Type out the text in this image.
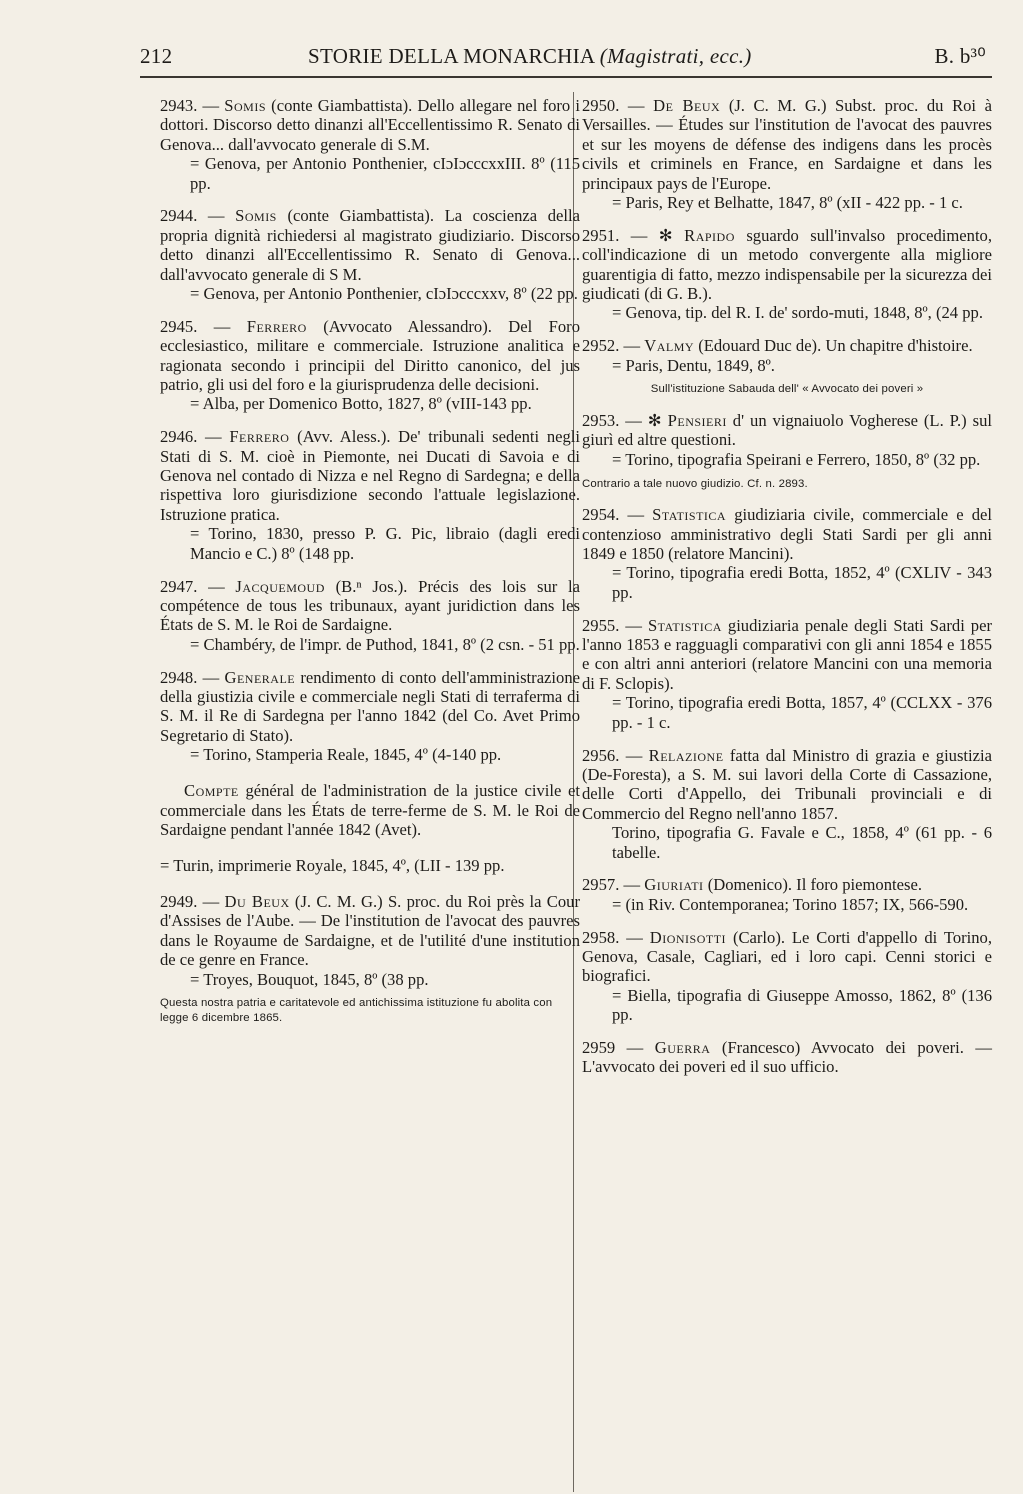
212	STORIE DELLA MONARCHIA (Magistrati, ecc.)	B. b³⁰

2943. — Somis (conte Giambattista). Dello allegare nel foro i dottori. Discorso detto dinanzi all'Eccellentissimo R. Senato di Genova... dall'avvocato generale di S.M.

= Genova, per Antonio Ponthenier, cIɔIɔcccxxIII. 8º (115 pp.

2944. — Somis (conte Giambattista). La coscienza della propria dignità richiedersi al magistrato giudiziario. Discorso detto dinanzi all'Eccellentissimo R. Senato di Genova... dall'avvocato generale di S M.

= Genova, per Antonio Ponthenier, cIɔIɔcccxxv, 8º (22 pp.

2945. — Ferrero (Avvocato Alessandro). Del Foro ecclesiastico, militare e commerciale. Istruzione analitica e ragionata secondo i principii del Diritto canonico, del jus patrio, gli usi del foro e la giurisprudenza delle decisioni.

= Alba, per Domenico Botto, 1827, 8º (vIII-143 pp.

2946. — Ferrero (Avv. Aless.). De' tribunali sedenti negli Stati di S. M. cioè in Piemonte, nei Ducati di Savoia e di Genova nel contado di Nizza e nel Regno di Sardegna; e della rispettiva loro giurisdizione secondo l'attuale legislazione. Istruzione pratica.

= Torino, 1830, presso P. G. Pic, libraio (dagli eredi Mancio e C.) 8º (148 pp.

2947. — Jacquemoud (B.ⁿ Jos.). Précis des lois sur la compétence de tous les tribunaux, ayant juridiction dans les États de S. M. le Roi de Sardaigne.

= Chambéry, de l'impr. de Puthod, 1841, 8º (2 csn. - 51 pp.

2948. — Generale rendimento di conto dell'amministrazione della giustizia civile e commerciale negli Stati di terraferma di S. M. il Re di Sardegna per l'anno 1842 (del Co. Avet Primo Segretario di Stato).

= Torino, Stamperia Reale, 1845, 4º (4-140 pp.

Compte général de l'administration de la justice civile et commerciale dans les États de terre-ferme de S. M. le Roi de Sardaigne pendant l'année 1842 (Avet).

= Turin, imprimerie Royale, 1845, 4º, (LII - 139 pp.

2949. — Du Beux (J. C. M. G.) S. proc. du Roi près la Cour d'Assises de l'Aube. — De l'institution de l'avocat des pauvres dans le Royaume de Sardaigne, et de l'utilité d'une institution de ce genre en France.

= Troyes, Bouquot, 1845, 8º (38 pp.

Questa nostra patria e caritatevole ed antichissima istituzione fu abolita con legge 6 dicembre 1865.

2950. — De Beux (J. C. M. G.) Subst. proc. du Roi à Versailles. — Études sur l'institution de l'avocat des pauvres et sur les moyens de défense des indigens dans les procès civils et criminels en France, en Sardaigne et dans les principaux pays de l'Europe.

= Paris, Rey et Belhatte, 1847, 8º (xII - 422 pp. - 1 c.

2951. — ✻ Rapido sguardo sull'invalso procedimento, coll'indicazione di un metodo convergente alla migliore guarentigia di fatto, mezzo indispensabile per la sicurezza dei giudicati (di G. B.).

= Genova, tip. del R. I. de' sordo-muti, 1848, 8º, (24 pp.

2952. — Valmy (Edouard Duc de). Un chapitre d'histoire.

= Paris, Dentu, 1849, 8º.

Sull'istituzione Sabauda dell' « Avvocato dei poveri »

2953. — ✻ Pensieri d' un vignaiuolo Vogherese (L. P.) sul giurì ed altre questioni.

= Torino, tipografia Speirani e Ferrero, 1850, 8º (32 pp.

Contrario a tale nuovo giudizio. Cf. n. 2893.

2954. — Statistica giudiziaria civile, commerciale e del contenzioso amministrativo degli Stati Sardi per gli anni 1849 e 1850 (relatore Mancini).

= Torino, tipografia eredi Botta, 1852, 4º (CXLIV - 343 pp.

2955. — Statistica giudiziaria penale degli Stati Sardi per l'anno 1853 e ragguagli comparativi con gli anni 1854 e 1855 e con altri anni anteriori (relatore Mancini con una memoria di F. Sclopis).

= Torino, tipografia eredi Botta, 1857, 4º (CCLXX - 376 pp. - 1 c.

2956. — Relazione fatta dal Ministro di grazia e giustizia (De-Foresta), a S. M. sui lavori della Corte di Cassazione, delle Corti d'Appello, dei Tribunali provinciali e di Commercio del Regno nell'anno 1857.

Torino, tipografia G. Favale e C., 1858, 4º (61 pp. - 6 tabelle.

2957. — Giuriati (Domenico). Il foro piemontese.

= (in Riv. Contemporanea; Torino 1857; IX, 566-590.

2958. — Dionisotti (Carlo). Le Corti d'appello di Torino, Genova, Casale, Cagliari, ed i loro capi. Cenni storici e biografici.

= Biella, tipografia di Giuseppe Amosso, 1862, 8º (136 pp.

2959 — Guerra (Francesco) Avvocato dei poveri. — L'avvocato dei poveri ed il suo ufficio.
